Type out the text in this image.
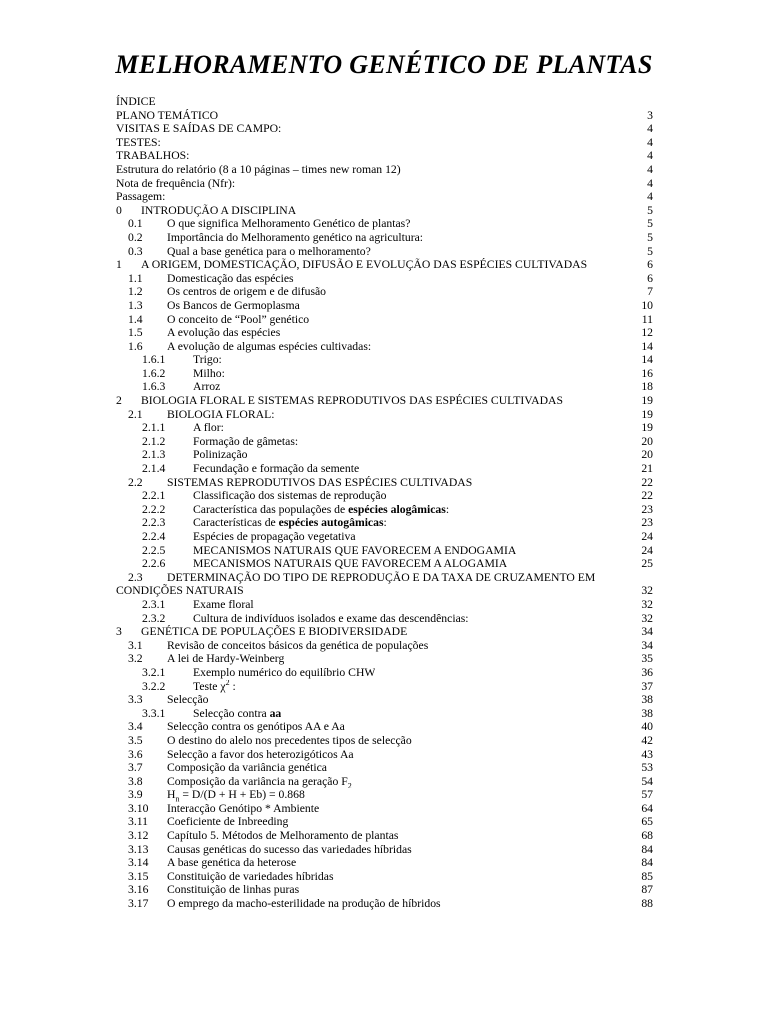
MELHORAMENTO GENÉTICO DE PLANTAS
ÍNDICE
PLANO TEMÁTICO	3
VISITAS E SAÍDAS DE CAMPO:	4
TESTES:	4
TRABALHOS:	4
Estrutura do relatório (8 a 10 páginas – times new roman 12)	4
Nota de frequência (Nfr):	4
Passagem:	4
0	INTRODUÇÃO A DISCIPLINA	5
0.1	O que significa Melhoramento Genético de plantas?	5
0.2	Importância do Melhoramento genético na agricultura:	5
0.3	Qual a base genética para o melhoramento?	5
1	A ORIGEM, DOMESTICAÇÃO, DIFUSÃO E EVOLUÇÃO DAS ESPÉCIES CULTIVADAS	6
1.1	Domesticação das espécies	6
1.2	Os centros de origem e de difusão	7
1.3	Os Bancos de Germoplasma	10
1.4	O conceito de “Pool” genético	11
1.5	A evolução das espécies	12
1.6	A evolução de algumas espécies cultivadas:	14
1.6.1	Trigo:	14
1.6.2	Milho:	16
1.6.3	Arroz	18
2	BIOLOGIA FLORAL E SISTEMAS REPRODUTIVOS DAS ESPÉCIES CULTIVADAS	19
2.1	BIOLOGIA FLORAL:	19
2.1.1	A flor:	19
2.1.2	Formação de gâmetas:	20
2.1.3	Polinização	20
2.1.4	Fecundação e formação da semente	21
2.2	SISTEMAS REPRODUTIVOS DAS ESPÉCIES CULTIVADAS	22
2.2.1	Classificação dos sistemas de reprodução	22
2.2.2	Característica das populações de espécies alogâmicas:	23
2.2.3	Características de espécies autogâmicas:	23
2.2.4	Espécies de propagação vegetativa	24
2.2.5	MECANISMOS NATURAIS QUE FAVORECEM A ENDOGAMIA	24
2.2.6	MECANISMOS NATURAIS QUE FAVORECEM A ALOGAMIA	25
2.3	DETERMINAÇÃO DO TIPO DE REPRODUÇÃO E DA TAXA DE CRUZAMENTO EM
CONDIÇÕES NATURAIS	32
2.3.1	Exame floral	32
2.3.2	Cultura de indivíduos isolados e exame das descendências:	32
3	GENÉTICA DE POPULAÇÕES E BIODIVERSIDADE	34
3.1	Revisão de conceitos básicos da genética de populações	34
3.2	A lei de Hardy-Weinberg	35
3.2.1	Exemplo numérico do equilíbrio CHW	36
3.2.2	Teste $\chi^2$ :	37
3.3	Selecção	38
3.3.1	Selecção contra aa	38
3.4	Selecção contra os genótipos AA e Aa	40
3.5	O destino do alelo nos precedentes tipos de selecção	42
3.6	Selecção a favor dos heterozigóticos Aa	43
3.7	Composição da variância genética	53
3.8	Composição da variância na geração $F_2$	54
3.9	$H_n = D/(D + H + Eb) = 0.868$	57
3.10	Interacção Genótipo * Ambiente	64
3.11	Coeficiente de Inbreeding	65
3.12	Capítulo 5. Métodos de Melhoramento de plantas	68
3.13	Causas genéticas do sucesso das variedades híbridas	84
3.14	A base genética da heterose	84
3.15	Constituição de variedades híbridas	85
3.16	Constituição de linhas puras	87
3.17	O emprego da macho-esterilidade na produção de híbridos	88
